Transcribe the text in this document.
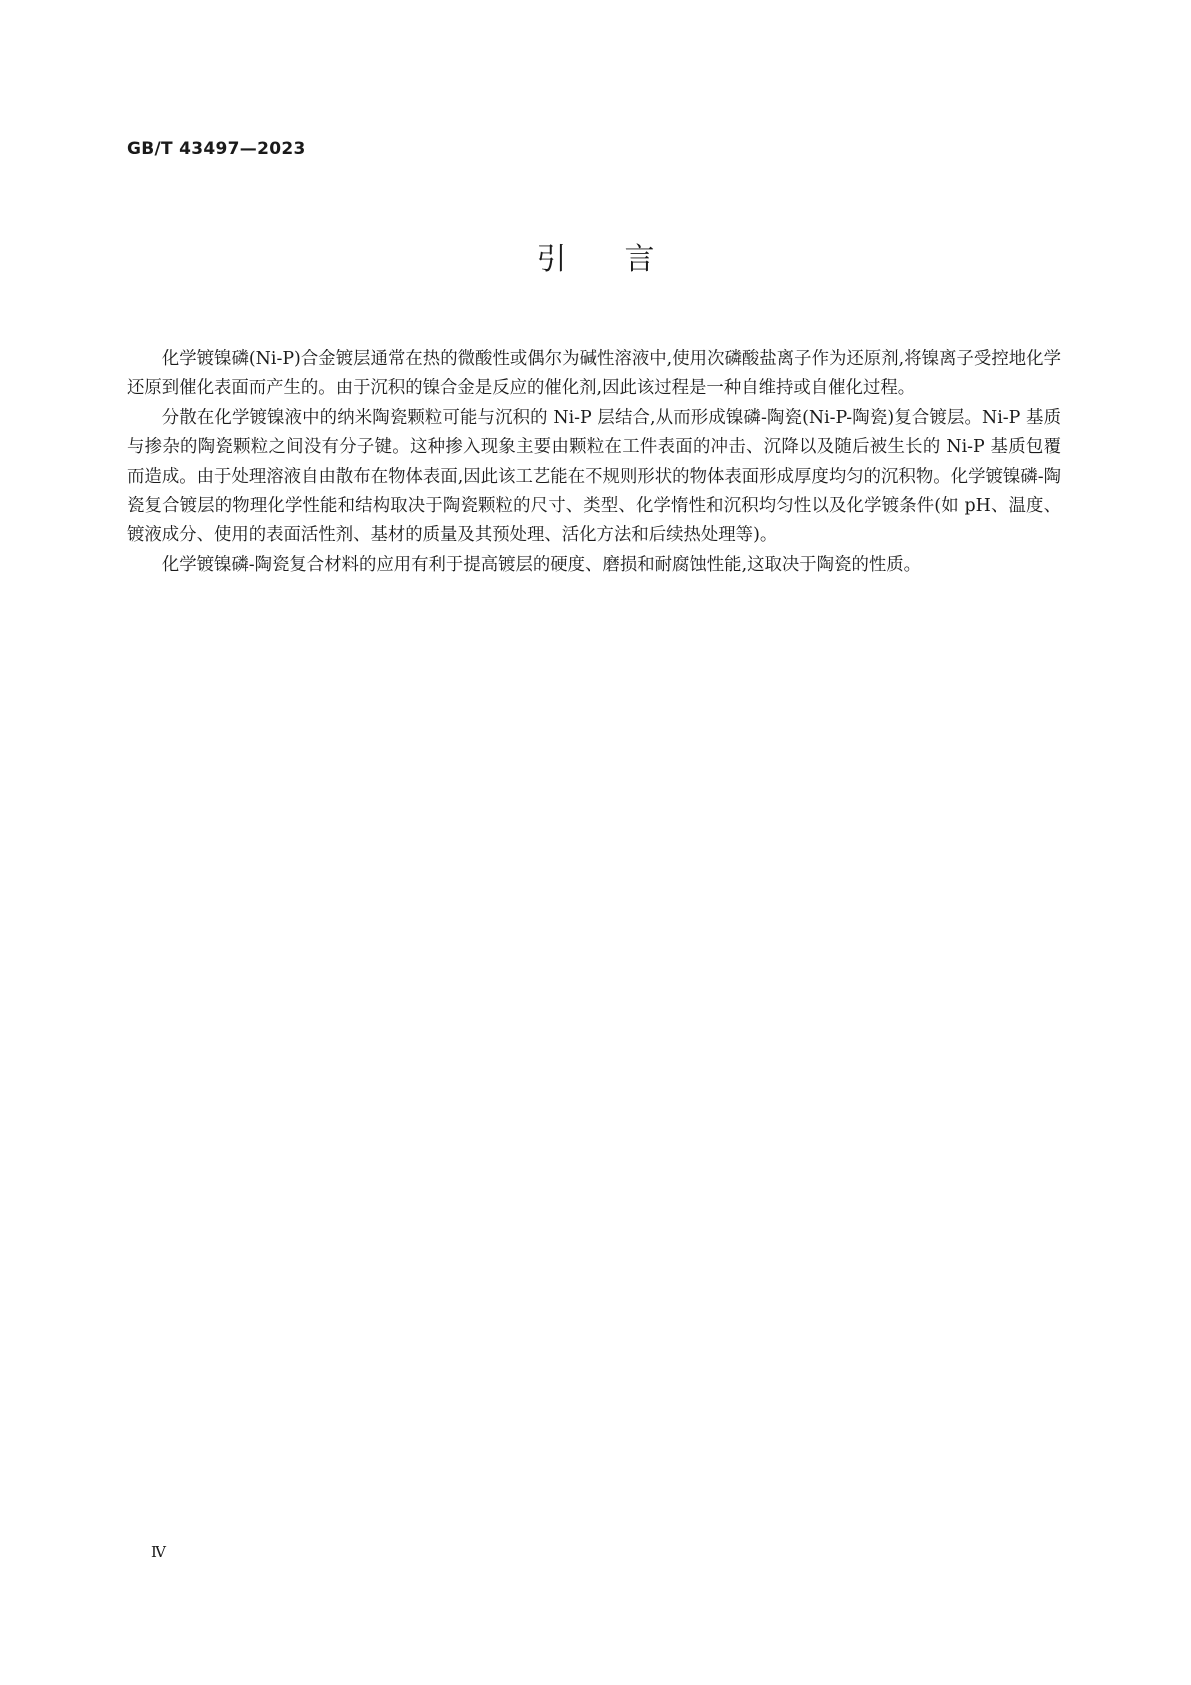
GB/T 43497—2023
引言

化学镀镍磷(Ni-P)合金镀层通常在热的微酸性或偶尔为碱性溶液中,使用次磷酸盐离子作为还原剂,将镍离子受控地化学还原到催化表面而产生的。由于沉积的镍合金是反应的催化剂,因此该过程是一种自维持或自催化过程。

分散在化学镀镍液中的纳米陶瓷颗粒可能与沉积的 Ni-P 层结合,从而形成镍磷-陶瓷(Ni-P-陶瓷)复合镀层。Ni-P 基质与掺杂的陶瓷颗粒之间没有分子键。这种掺入现象主要由颗粒在工件表面的冲击、沉降以及随后被生长的 Ni-P 基质包覆而造成。由于处理溶液自由散布在物体表面,因此该工艺能在不规则形状的物体表面形成厚度均匀的沉积物。化学镀镍磷-陶瓷复合镀层的物理化学性能和结构取决于陶瓷颗粒的尺寸、类型、化学惰性和沉积均匀性以及化学镀条件(如 pH、温度、镀液成分、使用的表面活性剂、基材的质量及其预处理、活化方法和后续热处理等)。

化学镀镍磷-陶瓷复合材料的应用有利于提高镀层的硬度、磨损和耐腐蚀性能,这取决于陶瓷的性质。

Ⅳ
